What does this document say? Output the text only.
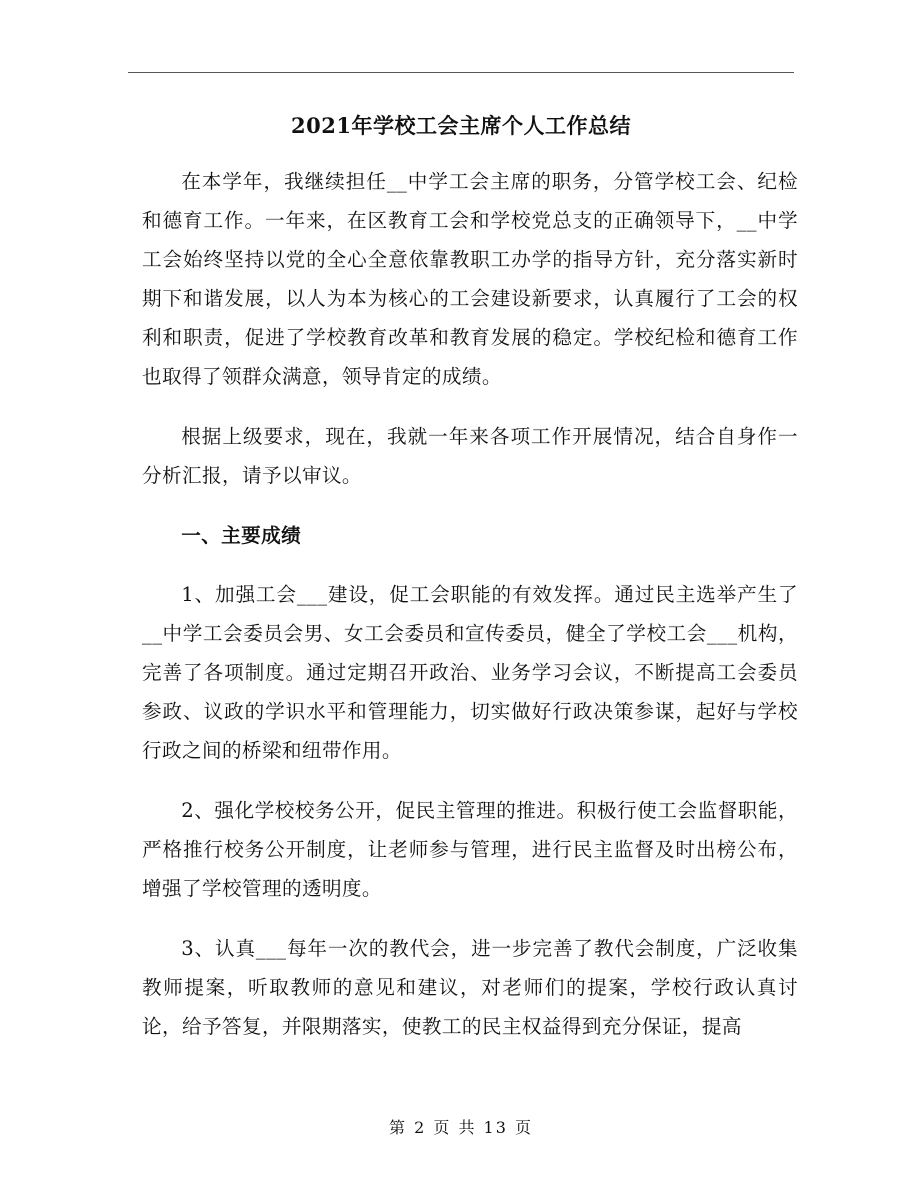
2021年学校工会主席个人工作总结

在本学年，我继续担任__中学工会主席的职务，分管学校工会、纪检和德育工作。一年来，在区教育工会和学校党总支的正确领导下，__中学工会始终坚持以党的全心全意依靠教职工办学的指导方针，充分落实新时期下和谐发展，以人为本为核心的工会建设新要求，认真履行了工会的权利和职责，促进了学校教育改革和教育发展的稳定。学校纪检和德育工作也取得了领群众满意，领导肯定的成绩。

根据上级要求，现在，我就一年来各项工作开展情况，结合自身作一分析汇报，请予以审议。

一、主要成绩

1、加强工会___建设，促工会职能的有效发挥。通过民主选举产生了__中学工会委员会男、女工会委员和宣传委员，健全了学校工会___机构，完善了各项制度。通过定期召开政治、业务学习会议，不断提高工会委员参政、议政的学识水平和管理能力，切实做好行政决策参谋，起好与学校行政之间的桥梁和纽带作用。

2、强化学校校务公开，促民主管理的推进。积极行使工会监督职能，严格推行校务公开制度，让老师参与管理，进行民主监督及时出榜公布，增强了学校管理的透明度。

3、认真___每年一次的教代会，进一步完善了教代会制度，广泛收集教师提案，听取教师的意见和建议，对老师们的提案，学校行政认真讨论，给予答复，并限期落实，使教工的民主权益得到充分保证，提高

第 2 页 共 13 页
